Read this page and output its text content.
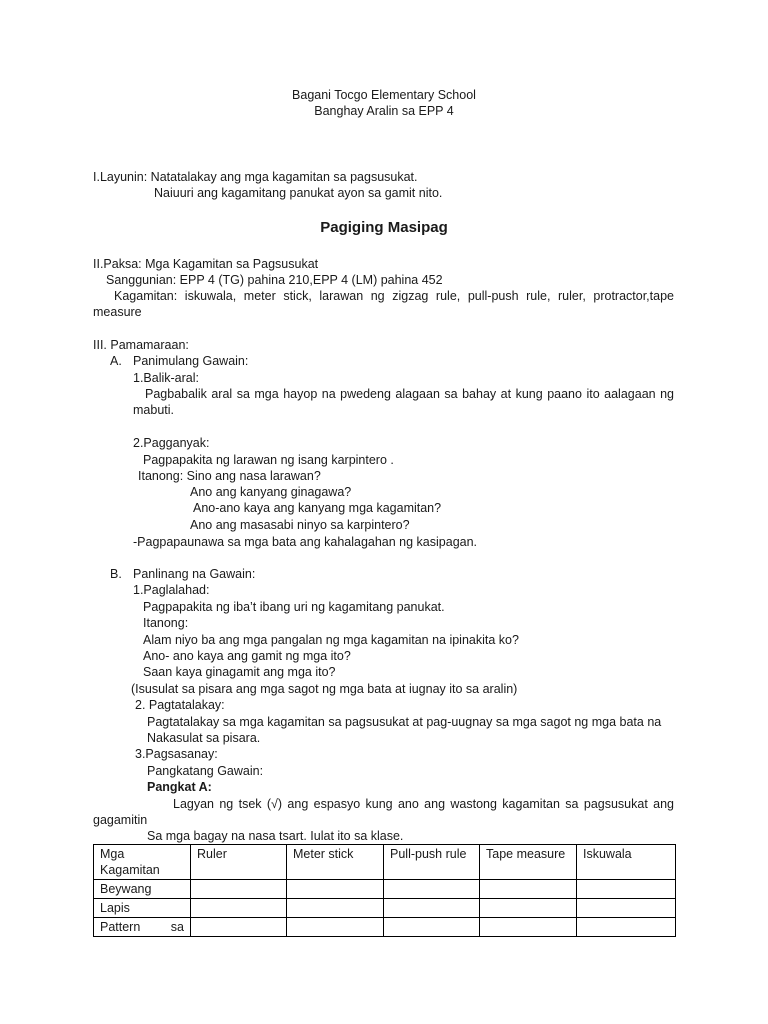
Bagani Tocgo Elementary School
Banghay Aralin sa EPP 4
I.Layunin: Natatalakay ang mga kagamitan sa pagsusukat.
Naiuuri ang kagamitang panukat ayon sa gamit nito.
Pagiging Masipag
II.Paksa: Mga Kagamitan sa Pagsusukat
Sanggunian: EPP 4 (TG) pahina 210,EPP 4 (LM) pahina 452
Kagamitan: iskuwala, meter stick, larawan ng zigzag rule, pull-push rule, ruler, protractor,tape
measure
III. Pamamaraan:
A. Panimulang Gawain:
1.Balik-aral:
Pagbabalik aral sa mga hayop na pwedeng alagaan sa bahay at kung paano ito aalagaan ng
mabuti.
2.Pagganyak:
Pagpapakita ng larawan ng isang karpintero .
Itanong: Sino ang nasa larawan?
Ano ang kanyang ginagawa?
Ano-ano kaya ang kanyang mga kagamitan?
Ano ang masasabi ninyo sa karpintero?
-Pagpapaunawa sa mga bata ang kahalagahan ng kasipagan.
B. Panlinang na Gawain:
1.Paglalahad:
Pagpapakita ng iba’t ibang uri ng kagamitang panukat.
Itanong:
Alam niyo ba ang mga pangalan ng mga kagamitan na ipinakita ko?
Ano- ano kaya ang gamit ng mga ito?
Saan kaya ginagamit ang mga ito?
(Isusulat sa pisara ang mga sagot ng mga bata at iugnay ito sa aralin)
2. Pagtatalakay:
Pagtatalakay sa mga kagamitan sa pagsusukat at pag-uugnay sa mga sagot ng mga bata na
Nakasulat sa pisara.
3.Pagsasanay:
Pangkatang Gawain:
Pangkat A:
Lagyan ng tsek (√) ang espasyo kung ano ang wastong kagamitan sa pagsusukat ang
gagamitin
Sa mga bagay na nasa tsart. Iulat ito sa klase.
Mga Kagamitan	Ruler	Meter stick	Pull-push rule	Tape measure	Iskuwala
Beywang					
Lapis					

Pattern sa					
